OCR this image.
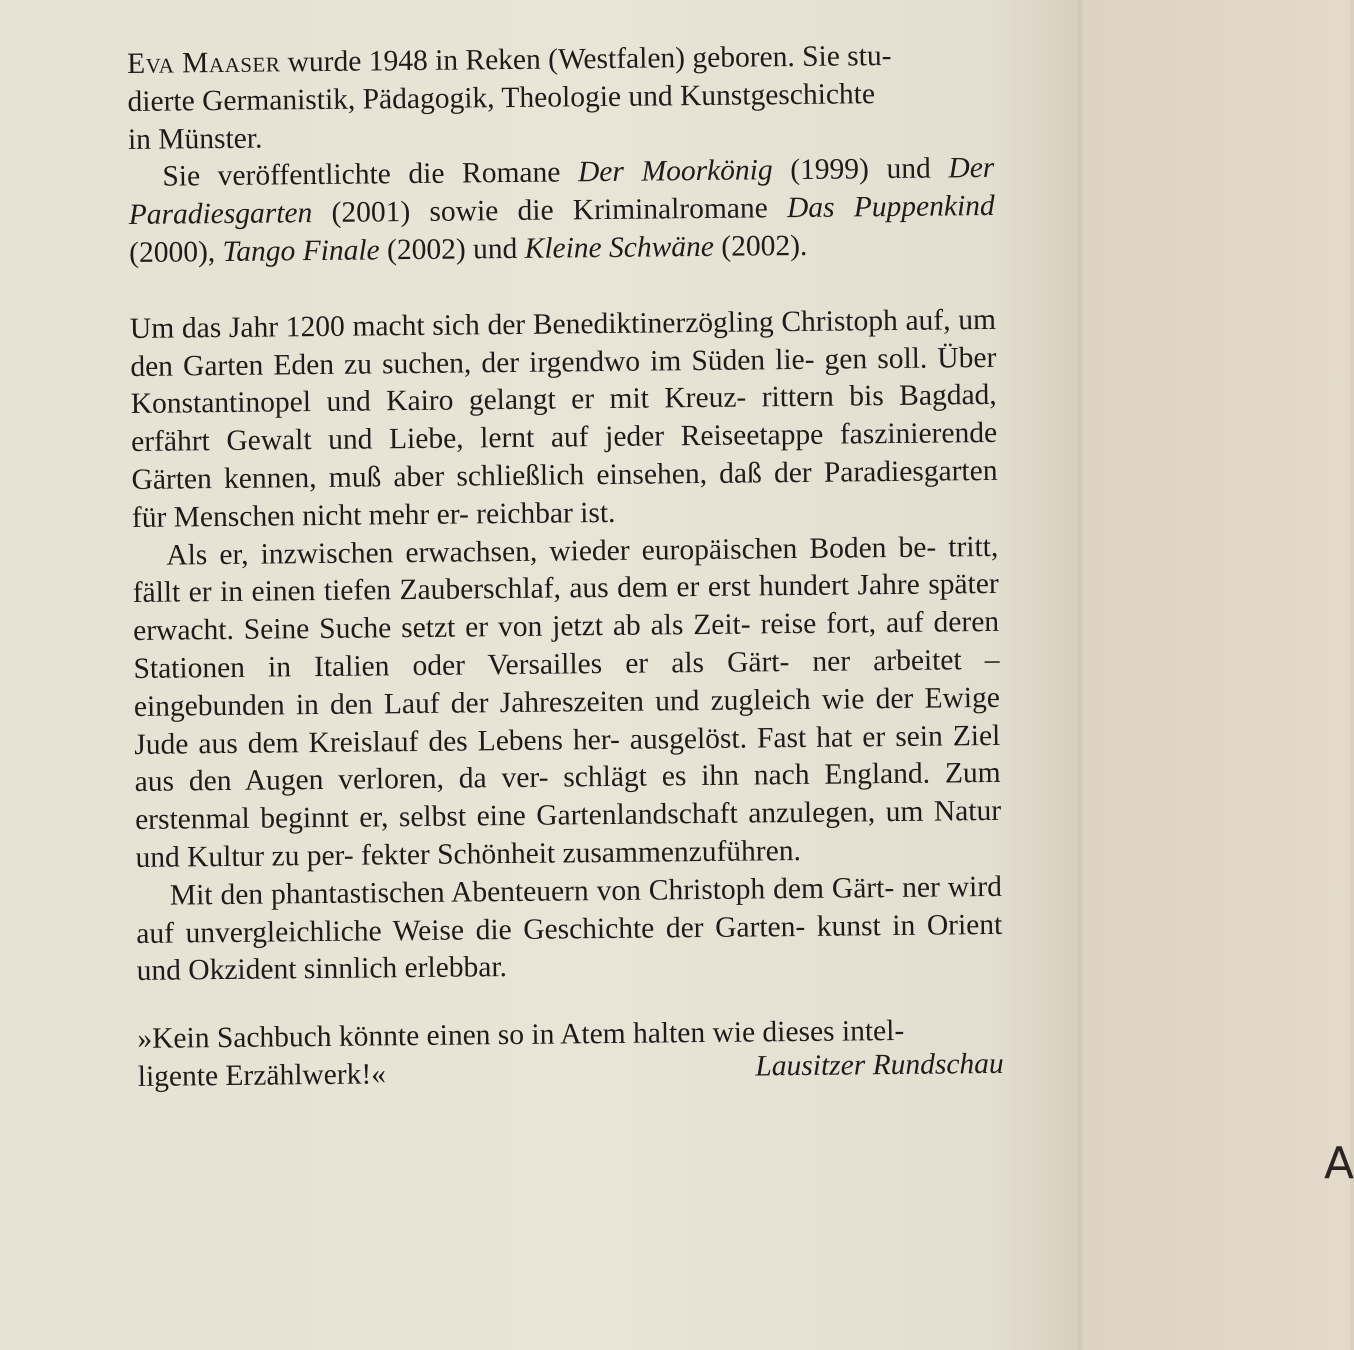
Eva Maaser wurde 1948 in Reken (Westfalen) geboren. Sie stu-
dierte Germanistik, Pädagogik, Theologie und Kunstgeschichte
in Münster.

Sie veröffentlichte die Romane Der Moorkönig (1999) und Der Paradiesgarten (2001) sowie die Kriminalromane Das Puppenkind (2000), Tango Finale (2002) und Kleine Schwäne (2002).

Um das Jahr 1200 macht sich der Benediktinerzögling Christoph auf, um den Garten Eden zu suchen, der irgendwo im Süden lie- gen soll. Über Konstantinopel und Kairo gelangt er mit Kreuz- rittern bis Bagdad, erfährt Gewalt und Liebe, lernt auf jeder Reiseetappe faszinierende Gärten kennen, muß aber schließlich einsehen, daß der Paradiesgarten für Menschen nicht mehr er- reichbar ist.

Als er, inzwischen erwachsen, wieder europäischen Boden be- tritt, fällt er in einen tiefen Zauberschlaf, aus dem er erst hundert Jahre später erwacht. Seine Suche setzt er von jetzt ab als Zeit- reise fort, auf deren Stationen in Italien oder Versailles er als Gärt- ner arbeitet – eingebunden in den Lauf der Jahreszeiten und zugleich wie der Ewige Jude aus dem Kreislauf des Lebens her- ausgelöst. Fast hat er sein Ziel aus den Augen verloren, da ver- schlägt es ihn nach England. Zum erstenmal beginnt er, selbst eine Gartenlandschaft anzulegen, um Natur und Kultur zu per- fekter Schönheit zusammenzuführen.

Mit den phantastischen Abenteuern von Christoph dem Gärt- ner wird auf unvergleichliche Weise die Geschichte der Garten- kunst in Orient und Okzident sinnlich erlebbar.

»Kein Sachbuch könnte einen so in Atem halten wie dieses intel-
ligente Erzählwerk!«	Lausitzer Rundschau
A
